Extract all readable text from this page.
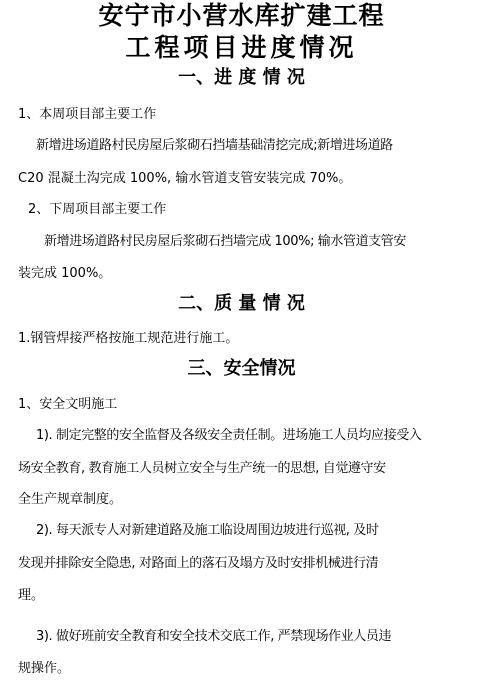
安宁市小营水库扩建工程
工程项目进度情况
一、进 度 情 况
1、本周项目部主要工作
新增进场道路村民房屋后浆砌石挡墙基础清挖完成;新增进场道路
C20 混凝土沟完成 100%, 输水管道支管安装完成 70%。
2、下周项目部主要工作
新增进场道路村民房屋后浆砌石挡墙完成 100%; 输水管道支管安
装完成 100%。
二、质 量 情 况
1.钢管焊接严格按施工规范进行施工。
三、安全情况
1、安全文明施工
1). 制定完整的安全监督及各级安全责任制。进场施工人员均应接受入
场安全教育, 教育施工人员树立安全与生产统一的思想, 自觉遵守安
全生产规章制度。
2). 每天派专人对新建道路及施工临设周围边坡进行巡视, 及时
发现并排除安全隐患, 对路面上的落石及塌方及时安排机械进行清
理。
3). 做好班前安全教育和安全技术交底工作, 严禁现场作业人员违
规操作。
